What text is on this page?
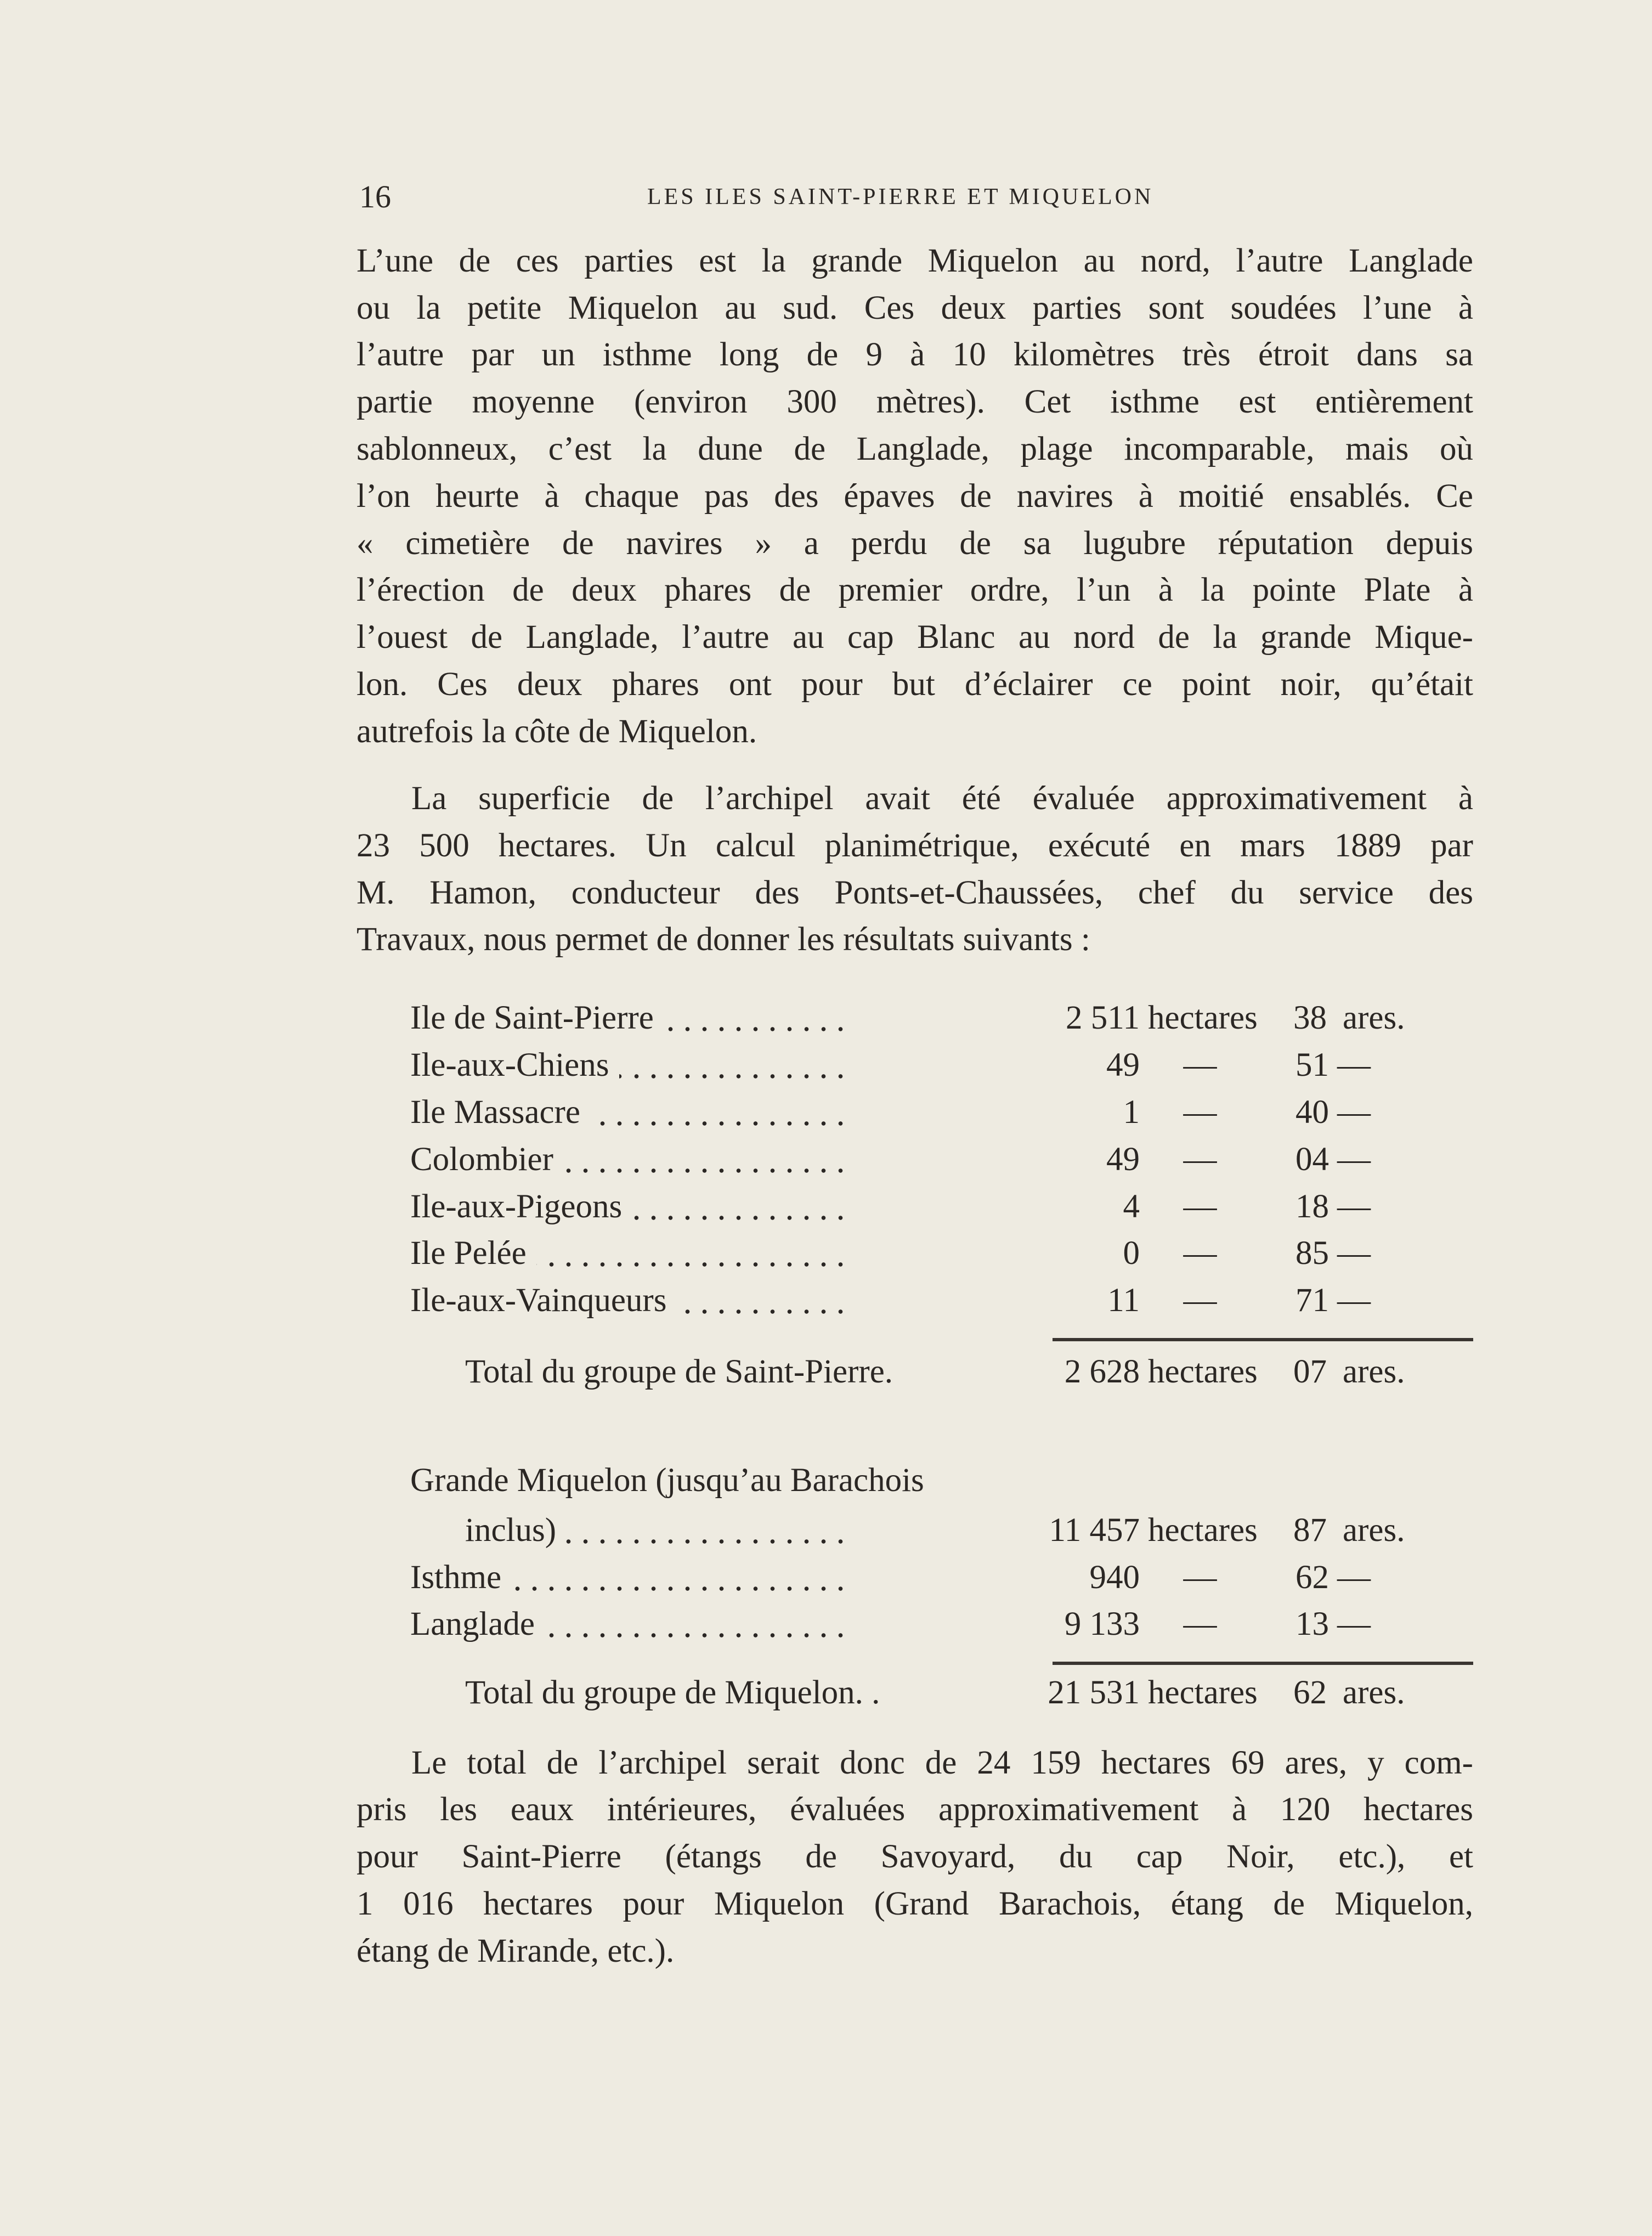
16	LES ILES SAINT-PIERRE ET MIQUELON
L’une de ces parties est la grande Miquelon au nord, l’autre Langlade
ou la petite Miquelon au sud. Ces deux parties sont soudées l’une à
l’autre par un isthme long de 9 à 10 kilomètres très étroit dans sa
partie moyenne (environ 300 mètres). Cet isthme est entièrement
sablonneux, c’est la dune de Langlade, plage incomparable, mais où
l’on heurte à chaque pas des épaves de navires à moitié ensablés. Ce
« cimetière de navires » a perdu de sa lugubre réputation depuis
l’érection de deux phares de premier ordre, l’un à la pointe Plate à
l’ouest de Langlade, l’autre au cap Blanc au nord de la grande Mique-
lon. Ces deux phares ont pour but d’éclairer ce point noir, qu’était
autrefois la côte de Miquelon.
La superficie de l’archipel avait été évaluée approximativement à
23 500 hectares. Un calcul planimétrique, exécuté en mars 1889 par
M. Hamon, conducteur des Ponts-et-Chaussées, chef du service des
Travaux, nous permet de donner les résultats suivants :
Le total de l’archipel serait donc de 24 159 hectares 69 ares, y com-
pris les eaux intérieures, évaluées approximativement à 120 hectares
pour Saint-Pierre (étangs de Savoyard, du cap Noir, etc.), et
1 016 hectares pour Miquelon (Grand Barachois, étang de Miquelon,
étang de Mirande, etc.).
Ile de Saint-Pierre	2 511 hectares 38 ares.
Ile-aux-Chiens	49	—	51 —
Ile Massacre	1	—	40 —
Colombier	49	—	04 —
Ile-aux-Pigeons	4	—	18 —
Ile Pelée	0	—	85 —
Ile-aux-Vainqueurs	11	—	71 —
Total du groupe de Saint-Pierre.	2 628 hectares 07 ares.
Grande Miquelon (jusqu’au Barachois
inclus)	11 457 hectares 87 ares.
Isthme	940	—	62 —
Langlade	9 133	—	13 —
Total du groupe de Miquelon. .	21 531 hectares 62 ares.
